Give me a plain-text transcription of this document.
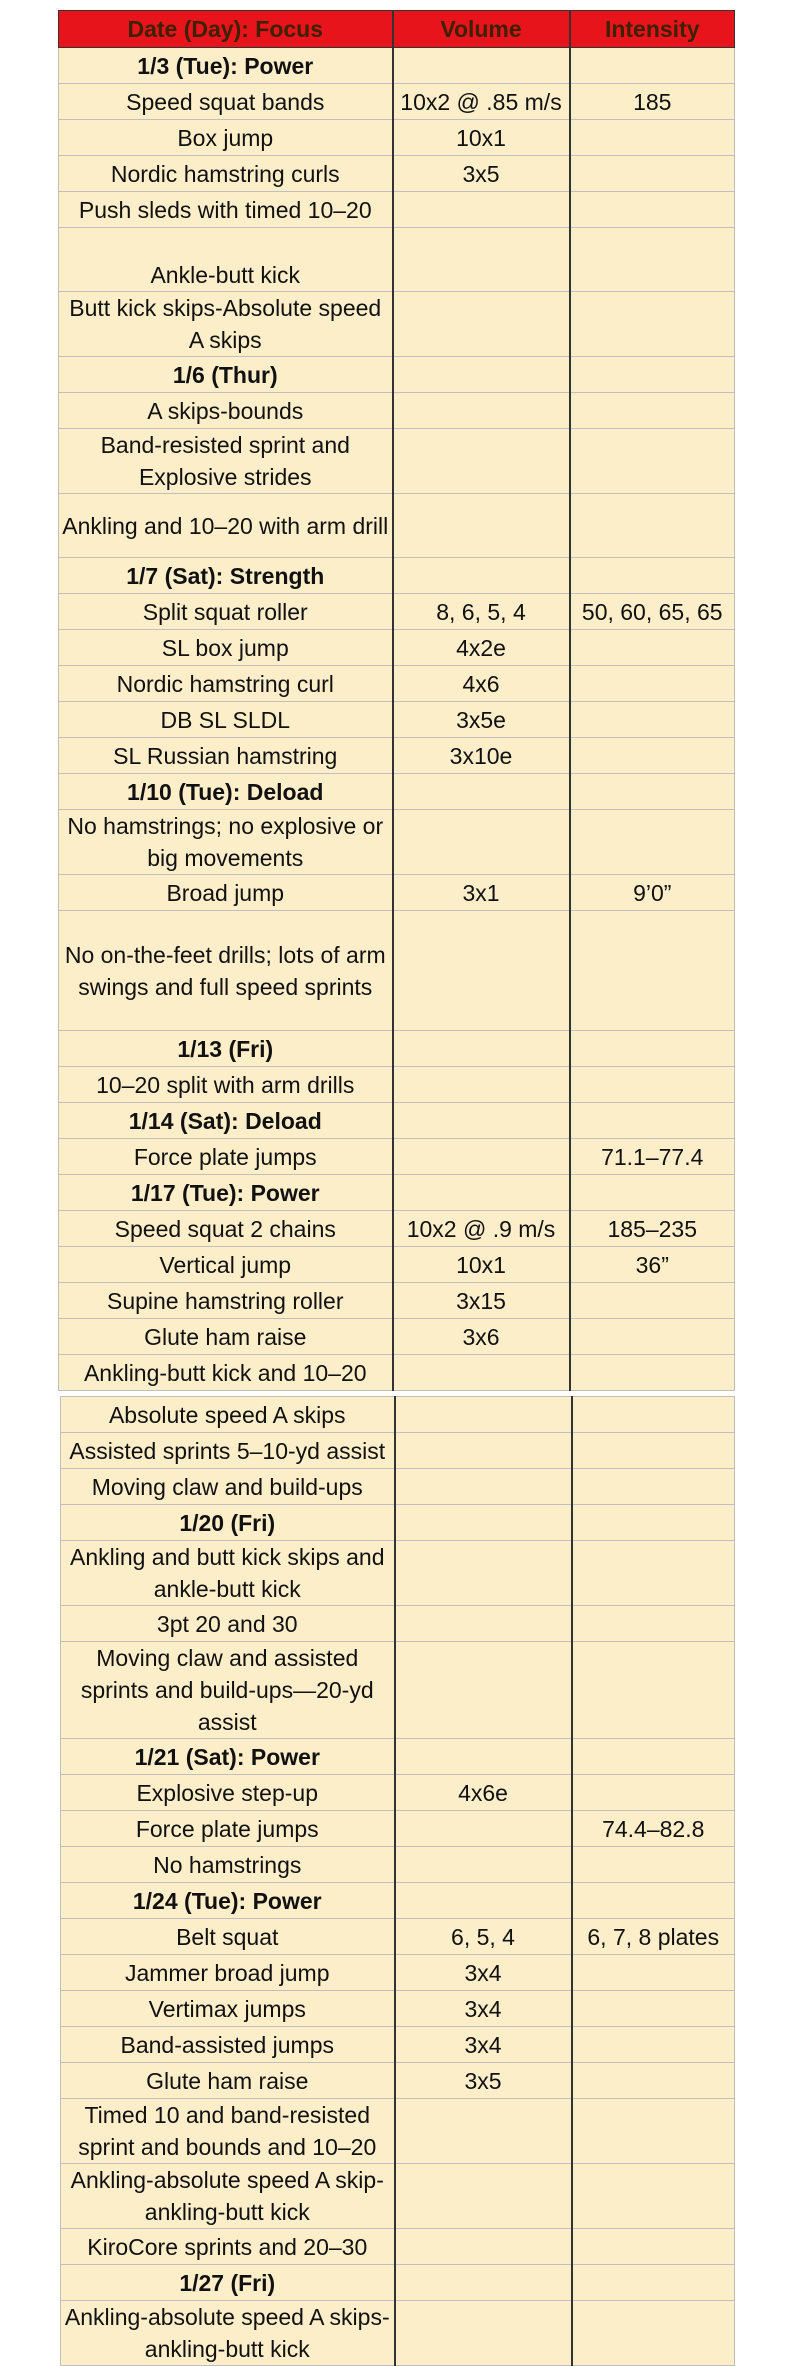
Date (Day): Focus	Volume	Intensity
1/3 (Tue): Power		
Speed squat bands	10x2 @ .85 m/s	185
Box jump	10x1	
Nordic hamstring curls	3x5	
Push sleds with timed 10–20		
Ankle-butt kick		
Butt kick skips-Absolute speed A skips		
1/6 (Thur)		
A skips-bounds		
Band-resisted sprint and Explosive strides		
Ankling and 10–20 with arm drill		
1/7 (Sat): Strength		
Split squat roller	8, 6, 5, 4	50, 60, 65, 65
SL box jump	4x2e	
Nordic hamstring curl	4x6	
DB SL SLDL	3x5e	
SL Russian hamstring	3x10e	
1/10 (Tue): Deload		
No hamstrings; no explosive or big movements		
Broad jump	3x1	9’0”
No on-the-feet drills; lots of arm swings and full speed sprints		
1/13 (Fri)		
10–20 split with arm drills		
1/14 (Sat): Deload		
Force plate jumps		71.1–77.4
1/17 (Tue): Power		
Speed squat 2 chains	10x2 @ .9 m/s	185–235
Vertical jump	10x1	36”
Supine hamstring roller	3x15	
Glute ham raise	3x6	
Ankling-butt kick and 10–20		
Absolute speed A skips		
Assisted sprints 5–10-yd assist		
Moving claw and build-ups		
1/20 (Fri)		
Ankling and butt kick skips and ankle-butt kick		
3pt 20 and 30		
Moving claw and assisted sprints and build-ups—20-yd assist		
1/21 (Sat): Power		
Explosive step-up	4x6e	
Force plate jumps		74.4–82.8
No hamstrings		
1/24 (Tue): Power		
Belt squat	6, 5, 4	6, 7, 8 plates
Jammer broad jump	3x4	
Vertimax jumps	3x4	
Band-assisted jumps	3x4	
Glute ham raise	3x5	
Timed 10 and band-resisted sprint and bounds and 10–20		
Ankling-absolute speed A skip-ankling-butt kick		
KiroCore sprints and 20–30		
1/27 (Fri)		
Ankling-absolute speed A skips-ankling-butt kick		
